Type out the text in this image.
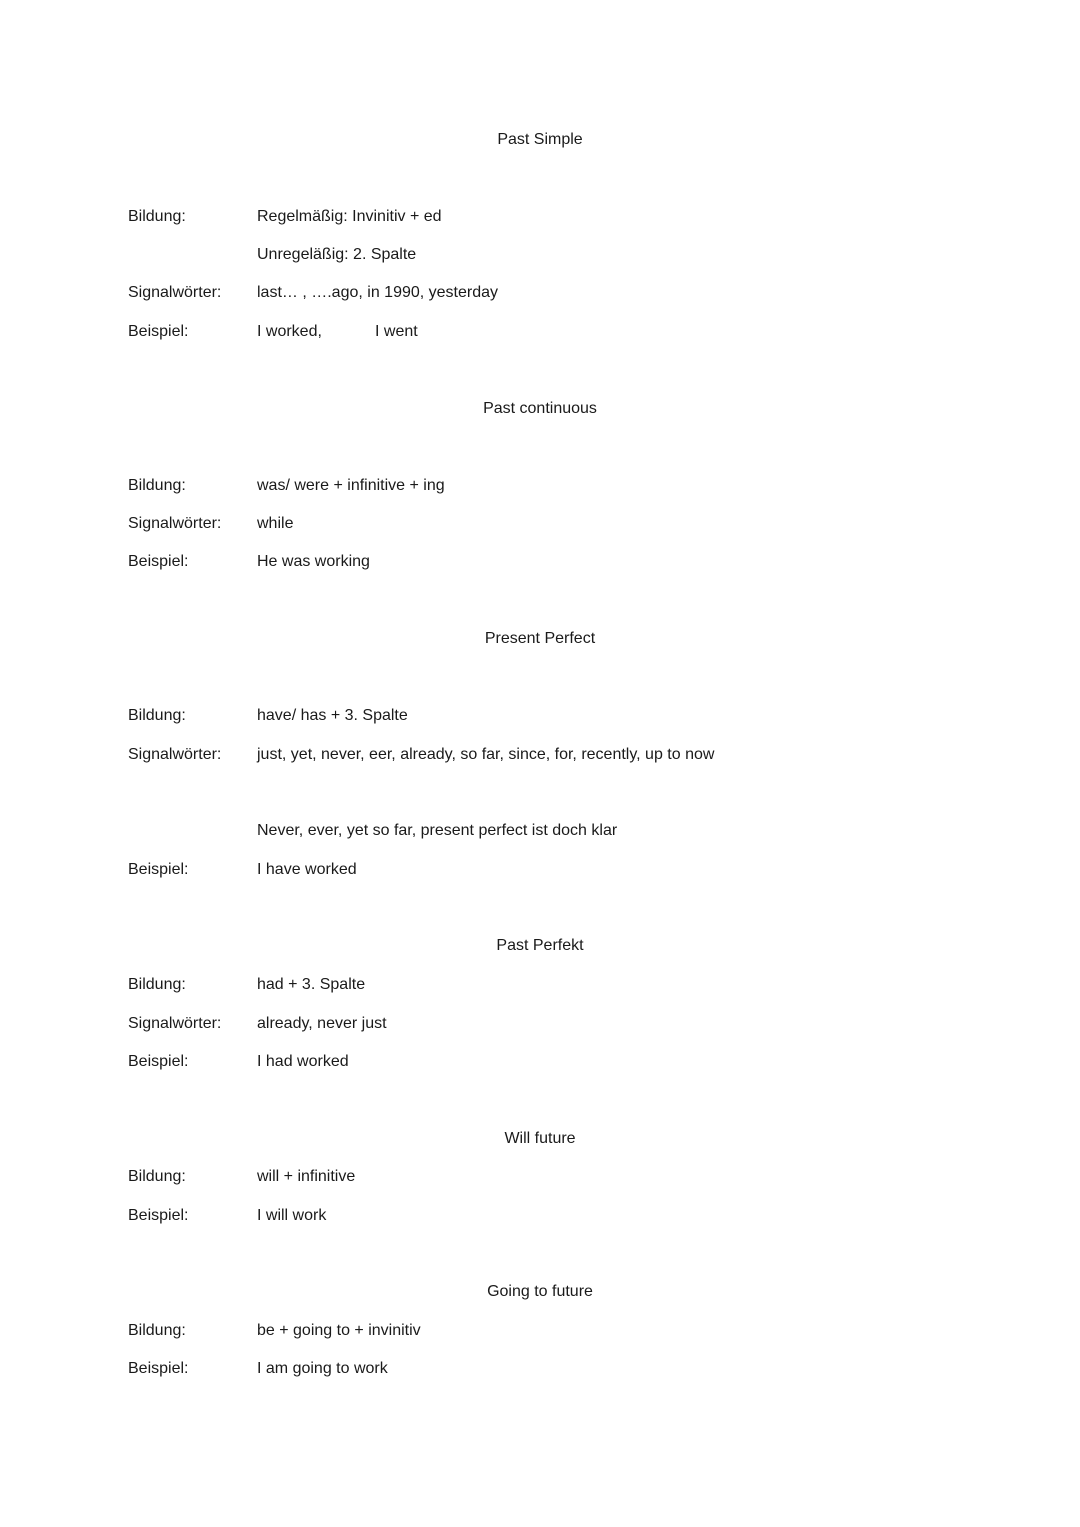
Past Simple
Bildung:	Regelmäßig: Invinitiv + ed
Unregeläßig: 2. Spalte
Signalwörter: last… , ….ago, in 1990, yesterday
Beispiel:	I worked,	I went
Past continuous
Bildung:	was/ were + infinitive + ing
Signalwörter: while
Beispiel:	He was working
Present Perfect
Bildung:	have/ has + 3. Spalte
Signalwörter: just, yet, never, eer, already, so far, since, for, recently, up to now
Never, ever, yet so far, present perfect ist doch klar
Beispiel:	I have worked
Past Perfekt
Bildung:	had + 3. Spalte
Signalwörter: already, never just
Beispiel:	I had worked
Will future
Bildung:	will + infinitive
Beispiel:	I will work
Going to future
Bildung:	be + going to + invinitiv
Beispiel:	I am going to work
